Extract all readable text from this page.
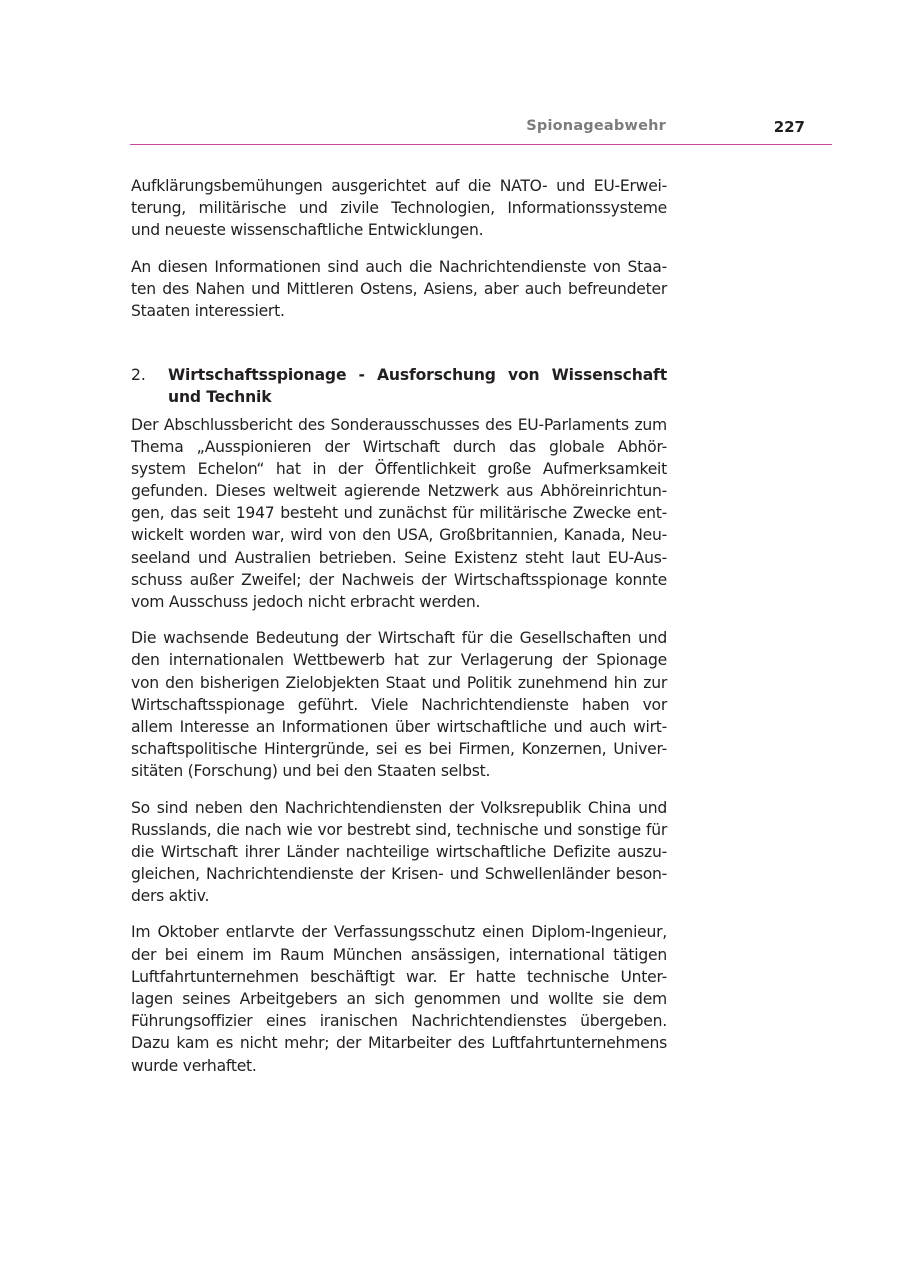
Spionageabwehr	227
Aufklärungsbemühungen ausgerichtet auf die NATO- und EU-Erwei-
terung, militärische und zivile Technologien, Informationssysteme
und neueste wissenschaftliche Entwicklungen.
An diesen Informationen sind auch die Nachrichtendienste von Staa-
ten des Nahen und Mittleren Ostens, Asiens, aber auch befreundeter
Staaten interessiert.
2. Wirtschaftsspionage - Ausforschung von Wissenschaft
und Technik
Der Abschlussbericht des Sonderausschusses des EU-Parlaments zum
Thema „Ausspionieren der Wirtschaft durch das globale Abhör-
system Echelon“ hat in der Öffentlichkeit große Aufmerksamkeit
gefunden. Dieses weltweit agierende Netzwerk aus Abhöreinrichtun-
gen, das seit 1947 besteht und zunächst für militärische Zwecke ent-
wickelt worden war, wird von den USA, Großbritannien, Kanada, Neu-
seeland und Australien betrieben. Seine Existenz steht laut EU-Aus-
schuss außer Zweifel; der Nachweis der Wirtschaftsspionage konnte
vom Ausschuss jedoch nicht erbracht werden.
Die wachsende Bedeutung der Wirtschaft für die Gesellschaften und
den internationalen Wettbewerb hat zur Verlagerung der Spionage
von den bisherigen Zielobjekten Staat und Politik zunehmend hin zur
Wirtschaftsspionage geführt. Viele Nachrichtendienste haben vor
allem Interesse an Informationen über wirtschaftliche und auch wirt-
schaftspolitische Hintergründe, sei es bei Firmen, Konzernen, Univer-
sitäten (Forschung) und bei den Staaten selbst.
So sind neben den Nachrichtendiensten der Volksrepublik China und
Russlands, die nach wie vor bestrebt sind, technische und sonstige für
die Wirtschaft ihrer Länder nachteilige wirtschaftliche Defizite auszu-
gleichen, Nachrichtendienste der Krisen- und Schwellenländer beson-
ders aktiv.
Im Oktober entlarvte der Verfassungsschutz einen Diplom-Ingenieur,
der bei einem im Raum München ansässigen, international tätigen
Luftfahrtunternehmen beschäftigt war. Er hatte technische Unter-
lagen seines Arbeitgebers an sich genommen und wollte sie dem
Führungsoffizier eines iranischen Nachrichtendienstes übergeben.
Dazu kam es nicht mehr; der Mitarbeiter des Luftfahrtunternehmens
wurde verhaftet.
